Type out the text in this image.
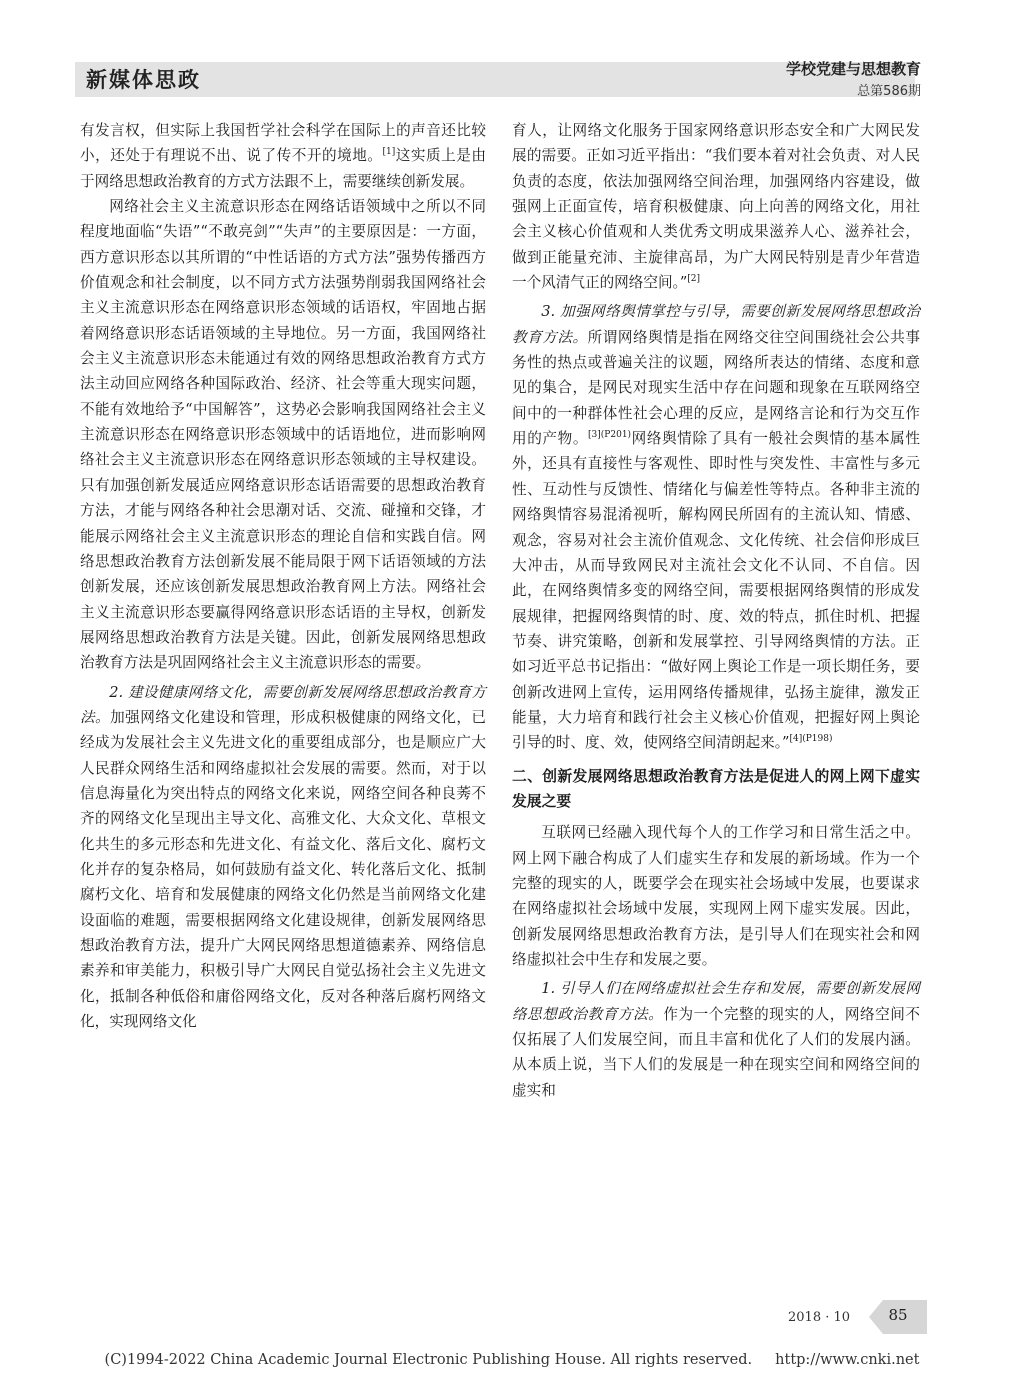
新媒体思政	学校党建与思想教育
总第586期

有发言权，但实际上我国哲学社会科学在国际上的声音还比较小，还处于有理说不出、说了传不开的境地。[1]这实质上是由于网络思想政治教育的方式方法跟不上，需要继续创新发展。

网络社会主义主流意识形态在网络话语领域中之所以不同程度地面临“失语”“不敢亮剑”“失声”的主要原因是：一方面，西方意识形态以其所谓的“中性话语的方式方法”强势传播西方价值观念和社会制度，以不同方式方法强势削弱我国网络社会主义主流意识形态在网络意识形态领域的话语权，牢固地占据着网络意识形态话语领域的主导地位。另一方面，我国网络社会主义主流意识形态未能通过有效的网络思想政治教育方式方法主动回应网络各种国际政治、经济、社会等重大现实问题，不能有效地给予“中国解答”，这势必会影响我国网络社会主义主流意识形态在网络意识形态领域中的话语地位，进而影响网络社会主义主流意识形态在网络意识形态领域的主导权建设。只有加强创新发展适应网络意识形态话语需要的思想政治教育方法，才能与网络各种社会思潮对话、交流、碰撞和交锋，才能展示网络社会主义主流意识形态的理论自信和实践自信。网络思想政治教育方法创新发展不能局限于网下话语领域的方法创新发展，还应该创新发展思想政治教育网上方法。网络社会主义主流意识形态要赢得网络意识形态话语的主导权，创新发展网络思想政治教育方法是关键。因此，创新发展网络思想政治教育方法是巩固网络社会主义主流意识形态的需要。

2. 建设健康网络文化，需要创新发展网络思想政治教育方法。加强网络文化建设和管理，形成积极健康的网络文化，已经成为发展社会主义先进文化的重要组成部分，也是顺应广大人民群众网络生活和网络虚拟社会发展的需要。然而，对于以信息海量化为突出特点的网络文化来说，网络空间各种良莠不齐的网络文化呈现出主导文化、高雅文化、大众文化、草根文化共生的多元形态和先进文化、有益文化、落后文化、腐朽文化并存的复杂格局，如何鼓励有益文化、转化落后文化、抵制腐朽文化、培育和发展健康的网络文化仍然是当前网络文化建设面临的难题，需要根据网络文化建设规律，创新发展网络思想政治教育方法，提升广大网民网络思想道德素养、网络信息素养和审美能力，积极引导广大网民自觉弘扬社会主义先进文化，抵制各种低俗和庸俗网络文化，反对各种落后腐朽网络文化，实现网络文化

育人，让网络文化服务于国家网络意识形态安全和广大网民发展的需要。正如习近平指出：“我们要本着对社会负责、对人民负责的态度，依法加强网络空间治理，加强网络内容建设，做强网上正面宣传，培育积极健康、向上向善的网络文化，用社会主义核心价值观和人类优秀文明成果滋养人心、滋养社会，做到正能量充沛、主旋律高昂，为广大网民特别是青少年营造一个风清气正的网络空间。”[2]

3. 加强网络舆情掌控与引导，需要创新发展网络思想政治教育方法。所谓网络舆情是指在网络交往空间围绕社会公共事务性的热点或普遍关注的议题，网络所表达的情绪、态度和意见的集合，是网民对现实生活中存在问题和现象在互联网络空间中的一种群体性社会心理的反应，是网络言论和行为交互作用的产物。$^{[3](P201)}$网络舆情除了具有一般社会舆情的基本属性外，还具有直接性与客观性、即时性与突发性、丰富性与多元性、互动性与反馈性、情绪化与偏差性等特点。各种非主流的网络舆情容易混淆视听，解构网民所固有的主流认知、情感、观念，容易对社会主流价值观念、文化传统、社会信仰形成巨大冲击，从而导致网民对主流社会文化不认同、不自信。因此，在网络舆情多变的网络空间，需要根据网络舆情的形成发展规律，把握网络舆情的时、度、效的特点，抓住时机、把握节奏、讲究策略，创新和发展掌控、引导网络舆情的方法。正如习近平总书记指出：“做好网上舆论工作是一项长期任务，要创新改进网上宣传，运用网络传播规律，弘扬主旋律，激发正能量，大力培育和践行社会主义核心价值观，把握好网上舆论引导的时、度、效，使网络空间清朗起来。”$^{[4](P198)}$

二、创新发展网络思想政治教育方法是促进人的网上网下虚实发展之要

互联网已经融入现代每个人的工作学习和日常生活之中。网上网下融合构成了人们虚实生存和发展的新场域。作为一个完整的现实的人，既要学会在现实社会场域中发展，也要谋求在网络虚拟社会场域中发展，实现网上网下虚实发展。因此，创新发展网络思想政治教育方法，是引导人们在现实社会和网络虚拟社会中生存和发展之要。

1. 引导人们在网络虚拟社会生存和发展，需要创新发展网络思想政治教育方法。作为一个完整的现实的人，网络空间不仅拓展了人们发展空间，而且丰富和优化了人们的发展内涵。从本质上说，当下人们的发展是一种在现实空间和网络空间的虚实和

2018 · 10	85
(C)1994-2022 China Academic Journal Electronic Publishing House. All rights reserved. http://www.cnki.net
